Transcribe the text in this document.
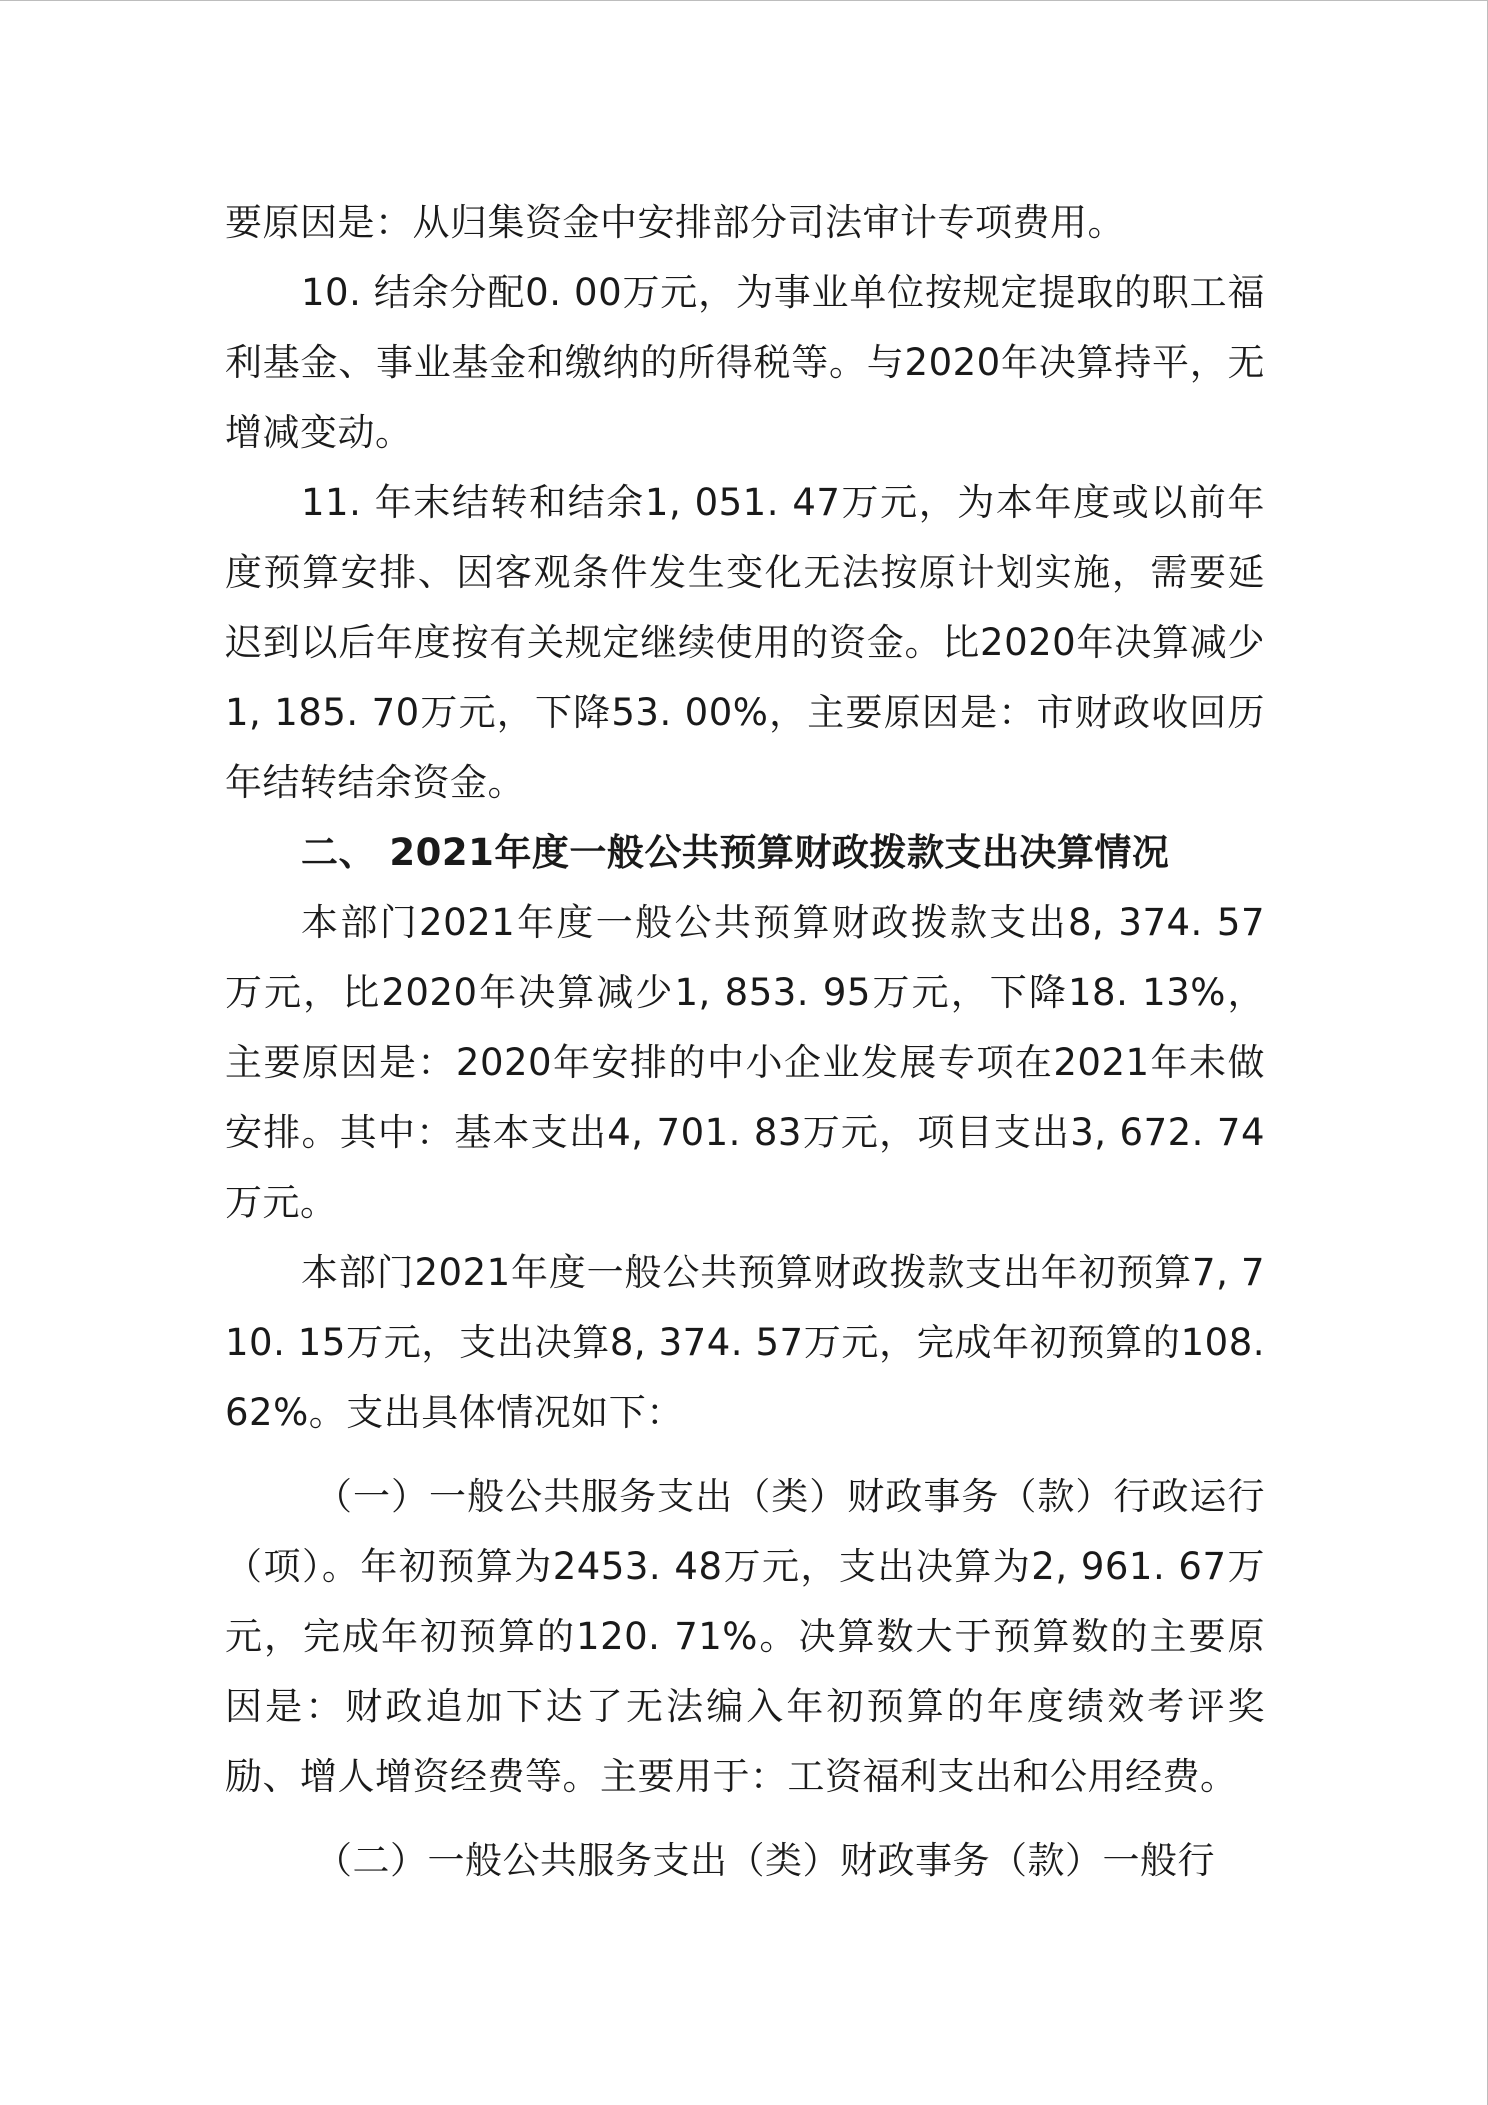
要原因是：从归集资金中安排部分司法审计专项费用。

10. 结余分配0. 00万元，为事业单位按规定提取的职工福利基金、事业基金和缴纳的所得税等。与2020年决算持平，无增减变动。

11. 年末结转和结余1, 051. 47万元，为本年度或以前年度预算安排、因客观条件发生变化无法按原计划实施，需要延迟到以后年度按有关规定继续使用的资金。比2020年决算减少1, 185. 70万元，下降53. 00%，主要原因是：市财政收回历年结转结余资金。

二、 2021年度一般公共预算财政拨款支出决算情况

本部门2021年度一般公共预算财政拨款支出8, 374. 57万元，比2020年决算减少1, 853. 95万元，下降18. 13%，主要原因是：2020年安排的中小企业发展专项在2021年未做安排。其中：基本支出4, 701. 83万元，项目支出3, 672. 74万元。

本部门2021年度一般公共预算财政拨款支出年初预算7, 710. 15万元，支出决算8, 374. 57万元，完成年初预算的108. 62%。支出具体情况如下：

（一）一般公共服务支出（类）财政事务（款）行政运行（项）。年初预算为2453. 48万元，支出决算为2, 961. 67万元，完成年初预算的120. 71%。决算数大于预算数的主要原因是：财政追加下达了无法编入年初预算的年度绩效考评奖励、增人增资经费等。主要用于：工资福利支出和公用经费。

（二）一般公共服务支出（类）财政事务（款）一般行
